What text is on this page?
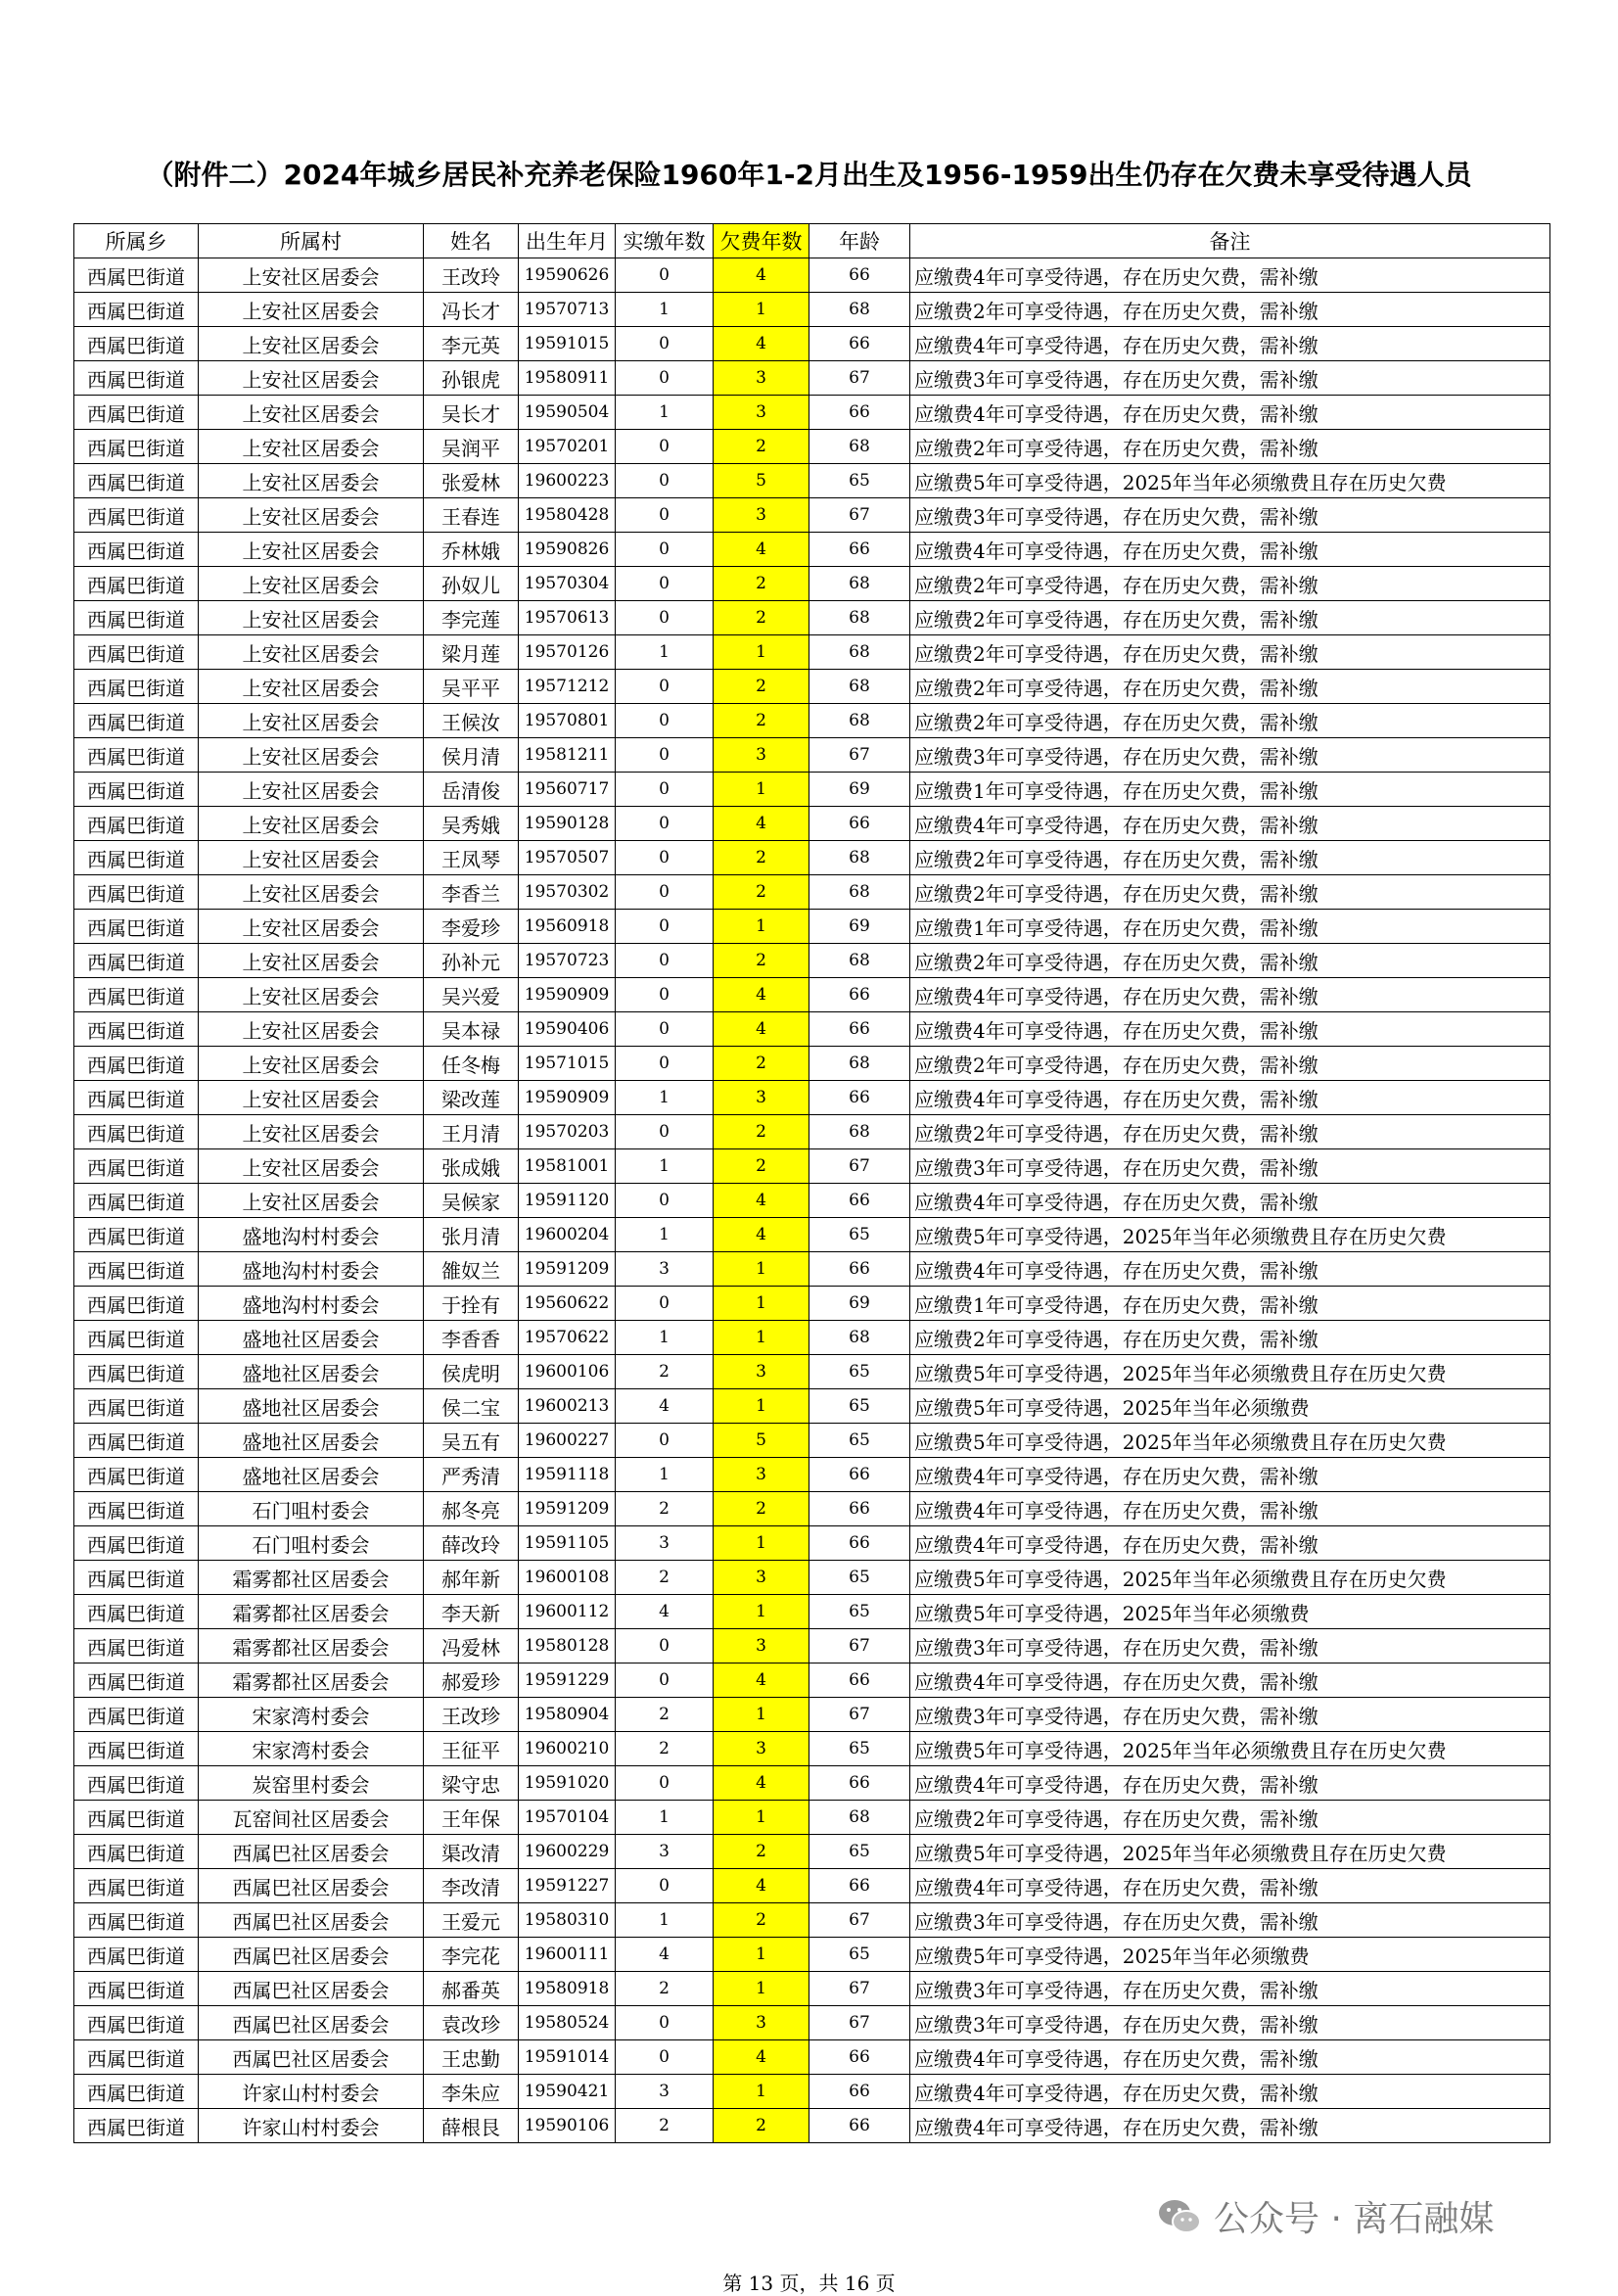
（附件二）2024年城乡居民补充养老保险1960年1-2月出生及1956-1959出生仍存在欠费未享受待遇人员
所属乡	所属村	姓名	出生年月	实缴年数	欠费年数	年龄	备注
西属巴街道	上安社区居委会	王改玲	19590626	0	4	66	应缴费4年可享受待遇，存在历史欠费，需补缴
西属巴街道	上安社区居委会	冯长才	19570713	1	1	68	应缴费2年可享受待遇，存在历史欠费，需补缴
西属巴街道	上安社区居委会	李元英	19591015	0	4	66	应缴费4年可享受待遇，存在历史欠费，需补缴
西属巴街道	上安社区居委会	孙银虎	19580911	0	3	67	应缴费3年可享受待遇，存在历史欠费，需补缴
西属巴街道	上安社区居委会	吴长才	19590504	1	3	66	应缴费4年可享受待遇，存在历史欠费，需补缴
西属巴街道	上安社区居委会	吴润平	19570201	0	2	68	应缴费2年可享受待遇，存在历史欠费，需补缴
西属巴街道	上安社区居委会	张爱林	19600223	0	5	65	应缴费5年可享受待遇，2025年当年必须缴费且存在历史欠费
西属巴街道	上安社区居委会	王春连	19580428	0	3	67	应缴费3年可享受待遇，存在历史欠费，需补缴
西属巴街道	上安社区居委会	乔林娥	19590826	0	4	66	应缴费4年可享受待遇，存在历史欠费，需补缴
西属巴街道	上安社区居委会	孙奴儿	19570304	0	2	68	应缴费2年可享受待遇，存在历史欠费，需补缴
西属巴街道	上安社区居委会	李完莲	19570613	0	2	68	应缴费2年可享受待遇，存在历史欠费，需补缴
西属巴街道	上安社区居委会	梁月莲	19570126	1	1	68	应缴费2年可享受待遇，存在历史欠费，需补缴
西属巴街道	上安社区居委会	吴平平	19571212	0	2	68	应缴费2年可享受待遇，存在历史欠费，需补缴
西属巴街道	上安社区居委会	王候汝	19570801	0	2	68	应缴费2年可享受待遇，存在历史欠费，需补缴
西属巴街道	上安社区居委会	侯月清	19581211	0	3	67	应缴费3年可享受待遇，存在历史欠费，需补缴
西属巴街道	上安社区居委会	岳清俊	19560717	0	1	69	应缴费1年可享受待遇，存在历史欠费，需补缴
西属巴街道	上安社区居委会	吴秀娥	19590128	0	4	66	应缴费4年可享受待遇，存在历史欠费，需补缴
西属巴街道	上安社区居委会	王凤琴	19570507	0	2	68	应缴费2年可享受待遇，存在历史欠费，需补缴
西属巴街道	上安社区居委会	李香兰	19570302	0	2	68	应缴费2年可享受待遇，存在历史欠费，需补缴
西属巴街道	上安社区居委会	李爱珍	19560918	0	1	69	应缴费1年可享受待遇，存在历史欠费，需补缴
西属巴街道	上安社区居委会	孙补元	19570723	0	2	68	应缴费2年可享受待遇，存在历史欠费，需补缴
西属巴街道	上安社区居委会	吴兴爱	19590909	0	4	66	应缴费4年可享受待遇，存在历史欠费，需补缴
西属巴街道	上安社区居委会	吴本禄	19590406	0	4	66	应缴费4年可享受待遇，存在历史欠费，需补缴
西属巴街道	上安社区居委会	任冬梅	19571015	0	2	68	应缴费2年可享受待遇，存在历史欠费，需补缴
西属巴街道	上安社区居委会	梁改莲	19590909	1	3	66	应缴费4年可享受待遇，存在历史欠费，需补缴
西属巴街道	上安社区居委会	王月清	19570203	0	2	68	应缴费2年可享受待遇，存在历史欠费，需补缴
西属巴街道	上安社区居委会	张成娥	19581001	1	2	67	应缴费3年可享受待遇，存在历史欠费，需补缴
西属巴街道	上安社区居委会	吴候家	19591120	0	4	66	应缴费4年可享受待遇，存在历史欠费，需补缴
西属巴街道	盛地沟村村委会	张月清	19600204	1	4	65	应缴费5年可享受待遇，2025年当年必须缴费且存在历史欠费
西属巴街道	盛地沟村村委会	雒奴兰	19591209	3	1	66	应缴费4年可享受待遇，存在历史欠费，需补缴
西属巴街道	盛地沟村村委会	于拴有	19560622	0	1	69	应缴费1年可享受待遇，存在历史欠费，需补缴
西属巴街道	盛地社区居委会	李香香	19570622	1	1	68	应缴费2年可享受待遇，存在历史欠费，需补缴
西属巴街道	盛地社区居委会	侯虎明	19600106	2	3	65	应缴费5年可享受待遇，2025年当年必须缴费且存在历史欠费
西属巴街道	盛地社区居委会	侯二宝	19600213	4	1	65	应缴费5年可享受待遇，2025年当年必须缴费
西属巴街道	盛地社区居委会	吴五有	19600227	0	5	65	应缴费5年可享受待遇，2025年当年必须缴费且存在历史欠费
西属巴街道	盛地社区居委会	严秀清	19591118	1	3	66	应缴费4年可享受待遇，存在历史欠费，需补缴
西属巴街道	石门咀村委会	郝冬亮	19591209	2	2	66	应缴费4年可享受待遇，存在历史欠费，需补缴
西属巴街道	石门咀村委会	薛改玲	19591105	3	1	66	应缴费4年可享受待遇，存在历史欠费，需补缴
西属巴街道	霜雾都社区居委会	郝年新	19600108	2	3	65	应缴费5年可享受待遇，2025年当年必须缴费且存在历史欠费
西属巴街道	霜雾都社区居委会	李天新	19600112	4	1	65	应缴费5年可享受待遇，2025年当年必须缴费
西属巴街道	霜雾都社区居委会	冯爱林	19580128	0	3	67	应缴费3年可享受待遇，存在历史欠费，需补缴
西属巴街道	霜雾都社区居委会	郝爱珍	19591229	0	4	66	应缴费4年可享受待遇，存在历史欠费，需补缴
西属巴街道	宋家湾村委会	王改珍	19580904	2	1	67	应缴费3年可享受待遇，存在历史欠费，需补缴
西属巴街道	宋家湾村委会	王征平	19600210	2	3	65	应缴费5年可享受待遇，2025年当年必须缴费且存在历史欠费
西属巴街道	炭窑里村委会	梁守忠	19591020	0	4	66	应缴费4年可享受待遇，存在历史欠费，需补缴
西属巴街道	瓦窑间社区居委会	王年保	19570104	1	1	68	应缴费2年可享受待遇，存在历史欠费，需补缴
西属巴街道	西属巴社区居委会	渠改清	19600229	3	2	65	应缴费5年可享受待遇，2025年当年必须缴费且存在历史欠费
西属巴街道	西属巴社区居委会	李改清	19591227	0	4	66	应缴费4年可享受待遇，存在历史欠费，需补缴
西属巴街道	西属巴社区居委会	王爱元	19580310	1	2	67	应缴费3年可享受待遇，存在历史欠费，需补缴
西属巴街道	西属巴社区居委会	李完花	19600111	4	1	65	应缴费5年可享受待遇，2025年当年必须缴费
西属巴街道	西属巴社区居委会	郝番英	19580918	2	1	67	应缴费3年可享受待遇，存在历史欠费，需补缴
西属巴街道	西属巴社区居委会	袁改珍	19580524	0	3	67	应缴费3年可享受待遇，存在历史欠费，需补缴
西属巴街道	西属巴社区居委会	王忠勤	19591014	0	4	66	应缴费4年可享受待遇，存在历史欠费，需补缴
西属巴街道	许家山村村委会	李朱应	19590421	3	1	66	应缴费4年可享受待遇，存在历史欠费，需补缴
西属巴街道	许家山村村委会	薛根艮	19590106	2	2	66	应缴费4年可享受待遇，存在历史欠费，需补缴
第 13 页，共 16 页
公众号 · 离石融媒
